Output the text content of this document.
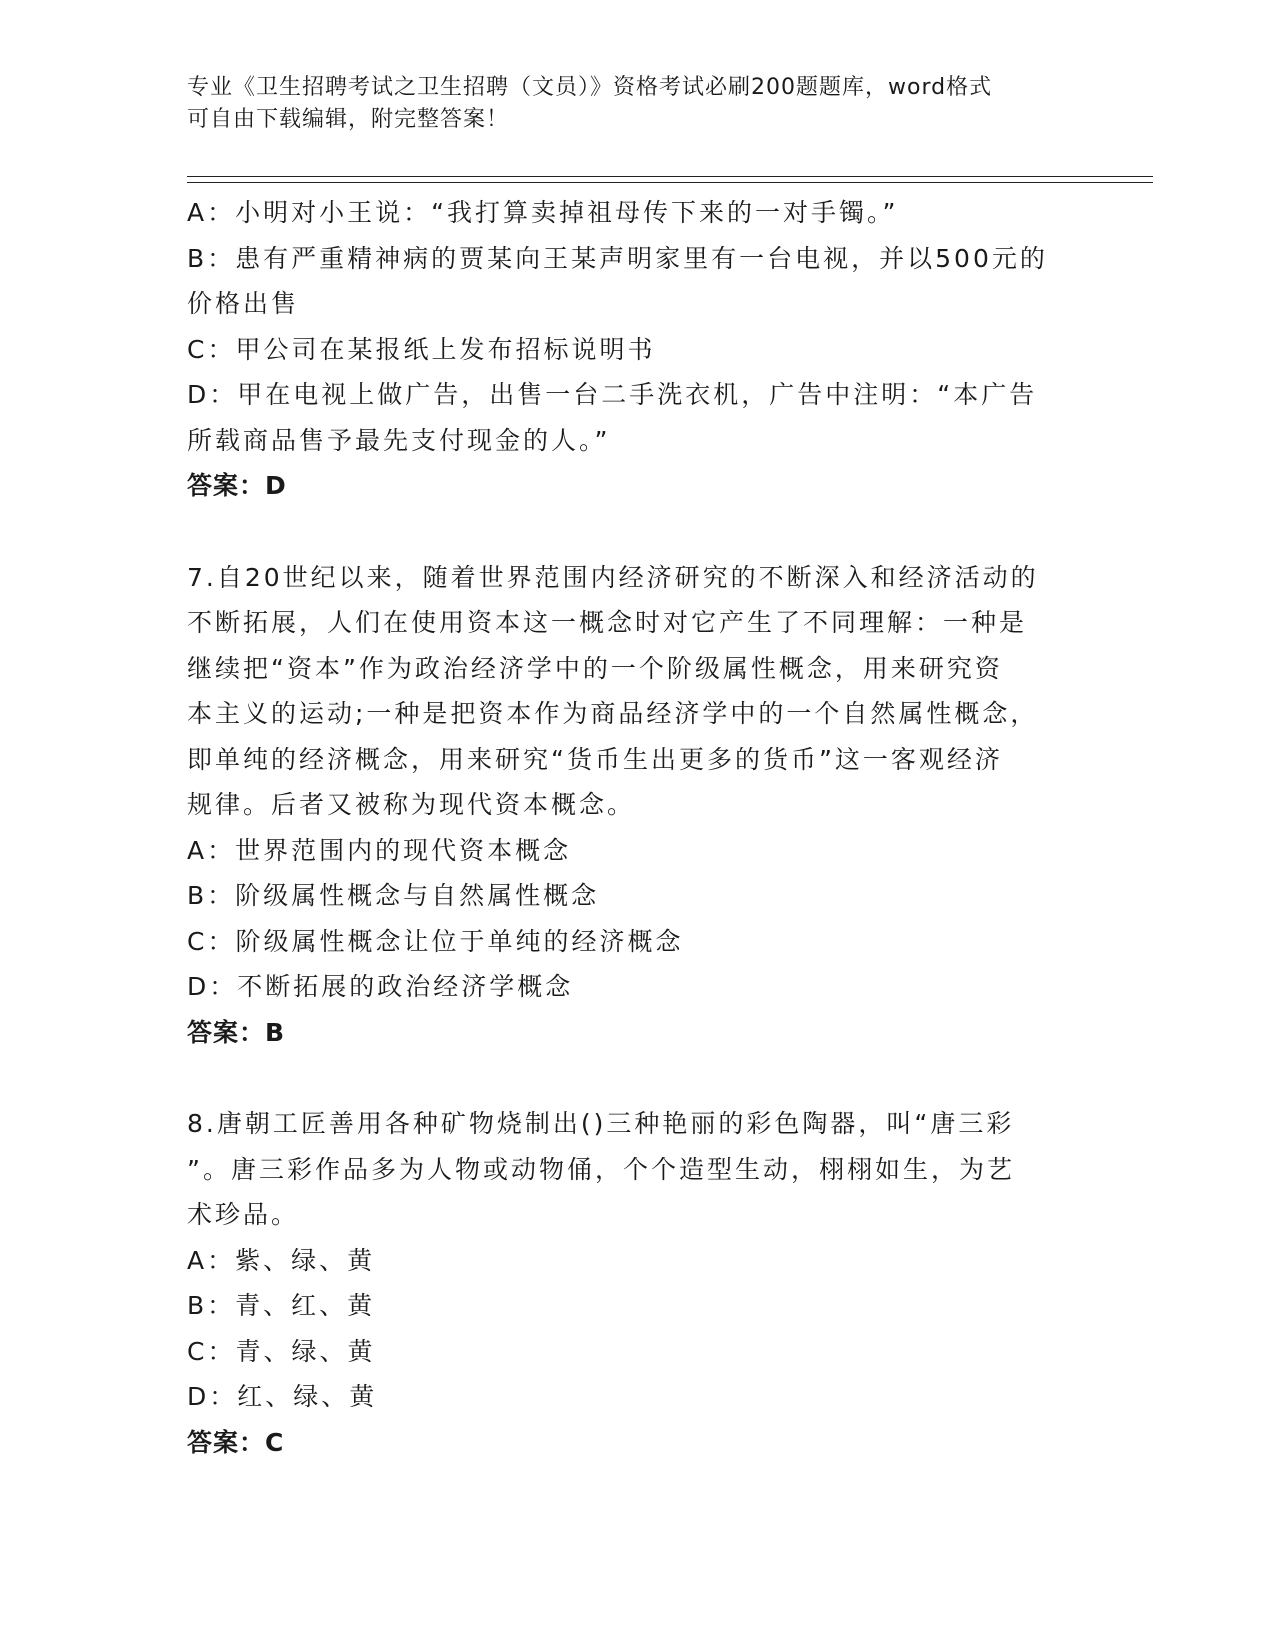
专业《卫生招聘考试之卫生招聘（文员）》资格考试必刷200题题库，word格式
可自由下载编辑，附完整答案！
A：小明对小王说：“我打算卖掉祖母传下来的一对手镯。”
B：患有严重精神病的贾某向王某声明家里有一台电视，并以500元的
价格出售
C：甲公司在某报纸上发布招标说明书
D：甲在电视上做广告，出售一台二手洗衣机，广告中注明：“本广告
所载商品售予最先支付现金的人。”
答案：D
7.自20世纪以来，随着世界范围内经济研究的不断深入和经济活动的
不断拓展，人们在使用资本这一概念时对它产生了不同理解：一种是
继续把“资本”作为政治经济学中的一个阶级属性概念，用来研究资
本主义的运动;一种是把资本作为商品经济学中的一个自然属性概念，
即单纯的经济概念，用来研究“货币生出更多的货币”这一客观经济
规律。后者又被称为现代资本概念。
A：世界范围内的现代资本概念
B：阶级属性概念与自然属性概念
C：阶级属性概念让位于单纯的经济概念
D：不断拓展的政治经济学概念
答案：B
8.唐朝工匠善用各种矿物烧制出()三种艳丽的彩色陶器，叫“唐三彩
”。唐三彩作品多为人物或动物俑，个个造型生动，栩栩如生，为艺
术珍品。
A：紫、绿、黄
B：青、红、黄
C：青、绿、黄
D：红、绿、黄
答案：C
